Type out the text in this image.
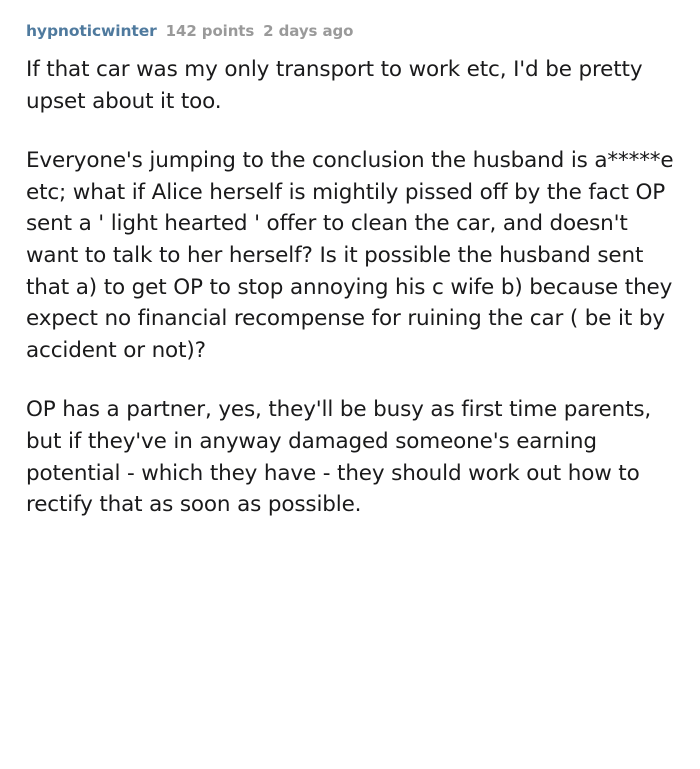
hypnoticwinter 142 points 2 days ago

If that car was my only transport to work etc, I'd be pretty upset about it too.

Everyone's jumping to the conclusion the husband is a*****e etc; what if Alice herself is mightily pissed off by the fact OP sent a ' light hearted ' offer to clean the car, and doesn't want to talk to her herself? Is it possible the husband sent that a) to get OP to stop annoying his c wife b) because they expect no financial recompense for ruining the car ( be it by accident or not)?

OP has a partner, yes, they'll be busy as first time parents, but if they've in anyway damaged someone's earning potential - which they have - they should work out how to rectify that as soon as possible.
